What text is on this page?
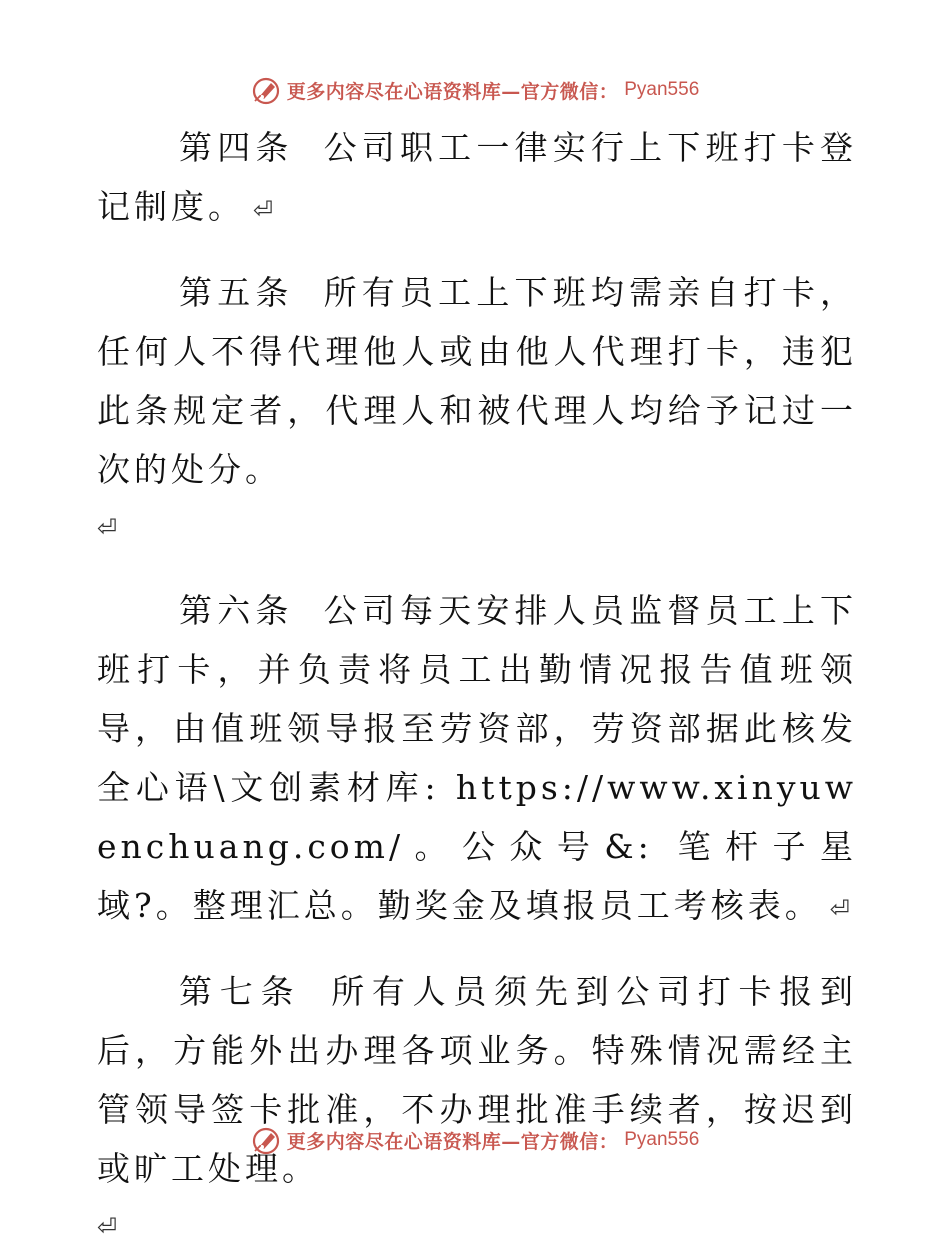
更多内容尽在心语资料库—官方微信： Pyan556

第四条 公司职工一律实行上下班打卡登记制度。 ⏎

第五条 所有员工上下班均需亲自打卡，任何人不得代理他人或由他人代理打卡，违犯此条规定者，代理人和被代理人均给予记过一次的处分。
⏎

第六条 公司每天安排人员监督员工上下班打卡，并负责将员工出勤情况报告值班领导，由值班领导报至劳资部，劳资部据此核发全心语\文创素材库: https://www.xinyuwenchuang.com/。公众号&: 笔杆子星域?。整理汇总。勤奖金及填报员工考核表。 ⏎

第七条 所有人员须先到公司打卡报到后，方能外出办理各项业务。特殊情况需经主管领导签卡批准，不办理批准手续者，按迟到或旷工处理。
⏎

更多内容尽在心语资料库—官方微信： Pyan556
